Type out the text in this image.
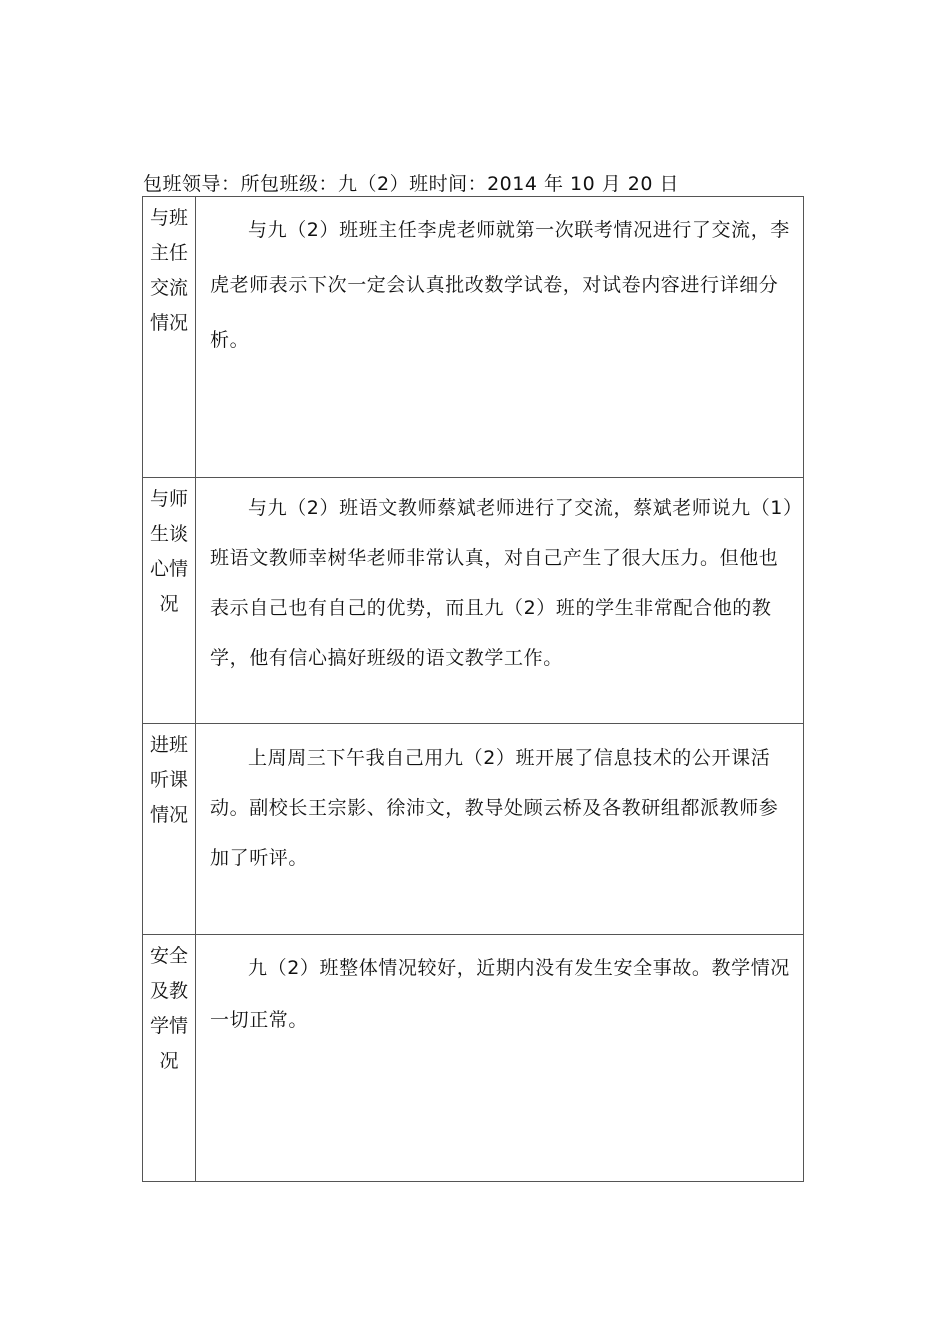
包班领导：所包班级：九（2）班时间：2014 年 10 月 20 日
与班
主任
交流
情况	与九（2）班班主任李虎老师就第一次联考情况进行了交流，李虎老师表示下次一定会认真批改数学试卷，对试卷内容进行详细分析。

与师
生谈
心情
况	与九（2）班语文教师蔡斌老师进行了交流，蔡斌老师说九（1）班语文教师幸树华老师非常认真，对自己产生了很大压力。但他也表示自己也有自己的优势，而且九（2）班的学生非常配合他的教学，他有信心搞好班级的语文教学工作。

进班
听课
情况	上周周三下午我自己用九（2）班开展了信息技术的公开课活动。副校长王宗影、徐沛文，教导处顾云桥及各教研组都派教师参加了听评。

安全
及教
学情
况	九（2）班整体情况较好，近期内没有发生安全事故。教学情况一切正常。
